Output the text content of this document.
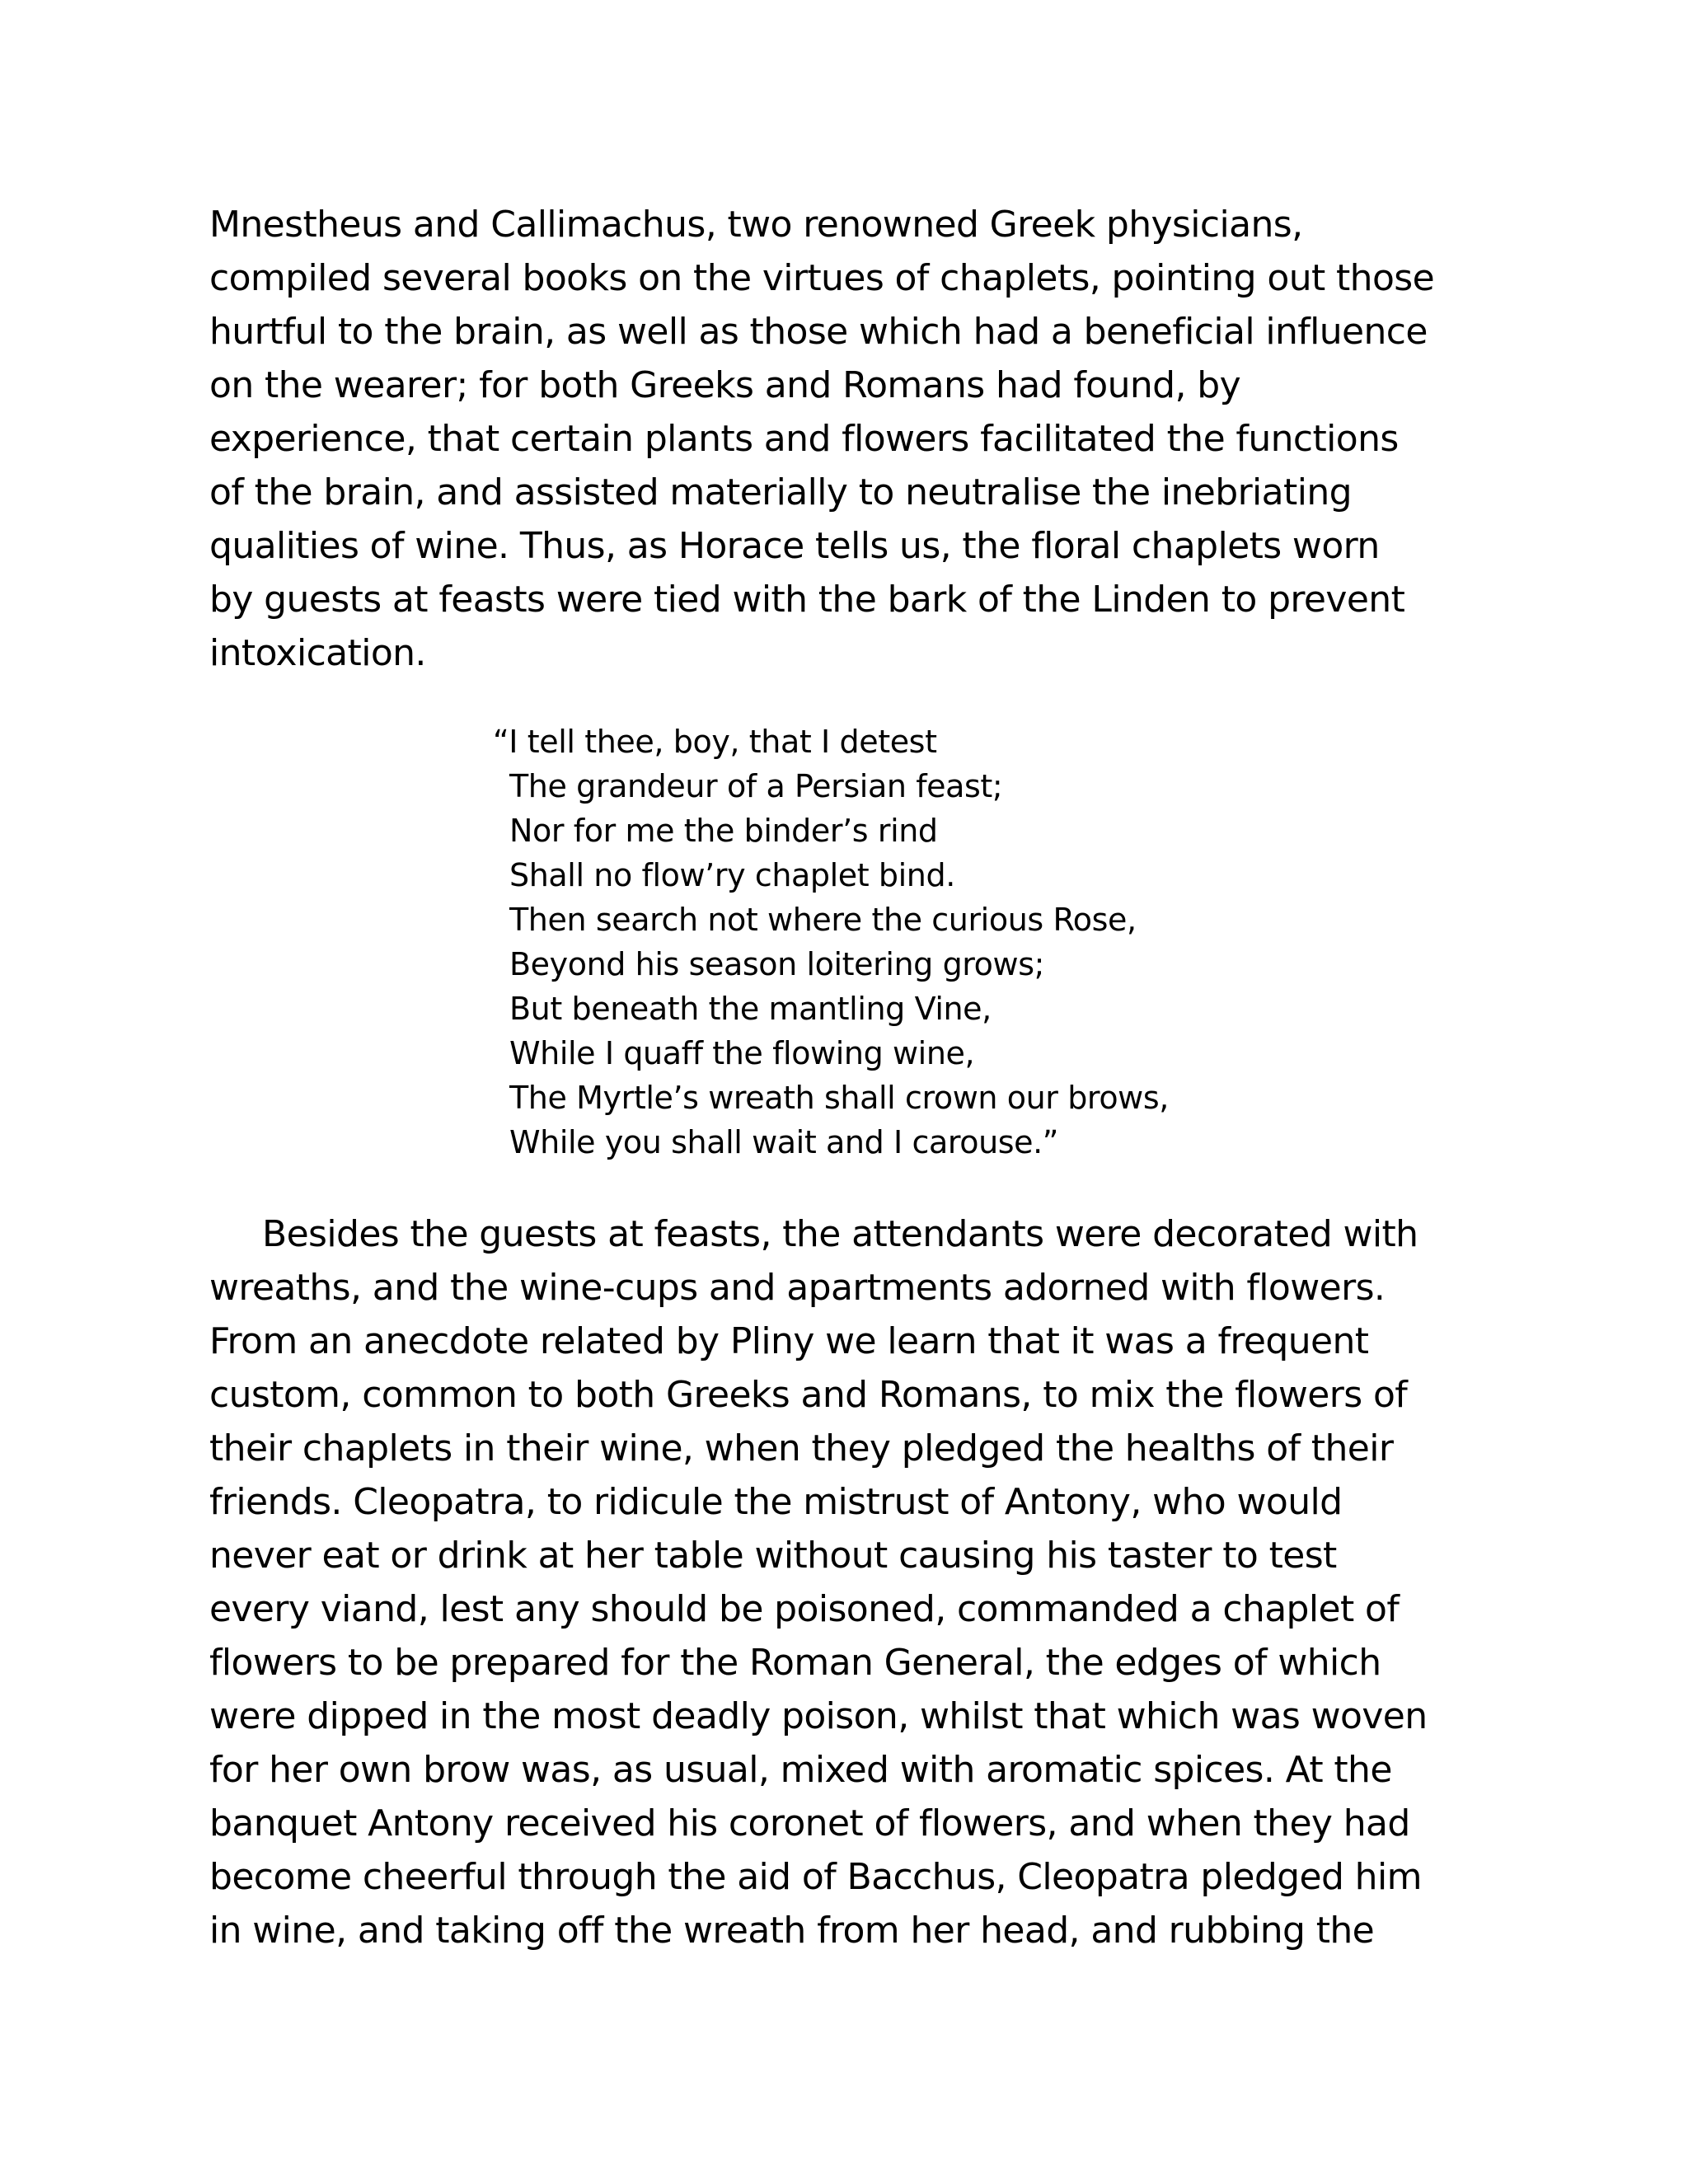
Mnestheus and Callimachus, two renowned Greek physicians,
compiled several books on the virtues of chaplets, pointing out those
hurtful to the brain, as well as those which had a beneficial influence
on the wearer; for both Greeks and Romans had found, by
experience, that certain plants and flowers facilitated the functions
of the brain, and assisted materially to neutralise the inebriating
qualities of wine. Thus, as Horace tells us, the floral chaplets worn
by guests at feasts were tied with the bark of the Linden to prevent
intoxication.
“I tell thee, boy, that I detest
The grandeur of a Persian feast;
Nor for me the binder’s rind
Shall no flow’ry chaplet bind.
Then search not where the curious Rose,
Beyond his season loitering grows;
But beneath the mantling Vine,
While I quaff the flowing wine,
The Myrtle’s wreath shall crown our brows,
While you shall wait and I carouse.”
Besides the guests at feasts, the attendants were decorated with
wreaths, and the wine-cups and apartments adorned with flowers.
From an anecdote related by Pliny we learn that it was a frequent
custom, common to both Greeks and Romans, to mix the flowers of
their chaplets in their wine, when they pledged the healths of their
friends. Cleopatra, to ridicule the mistrust of Antony, who would
never eat or drink at her table without causing his taster to test
every viand, lest any should be poisoned, commanded a chaplet of
flowers to be prepared for the Roman General, the edges of which
were dipped in the most deadly poison, whilst that which was woven
for her own brow was, as usual, mixed with aromatic spices. At the
banquet Antony received his coronet of flowers, and when they had
become cheerful through the aid of Bacchus, Cleopatra pledged him
in wine, and taking off the wreath from her head, and rubbing the
